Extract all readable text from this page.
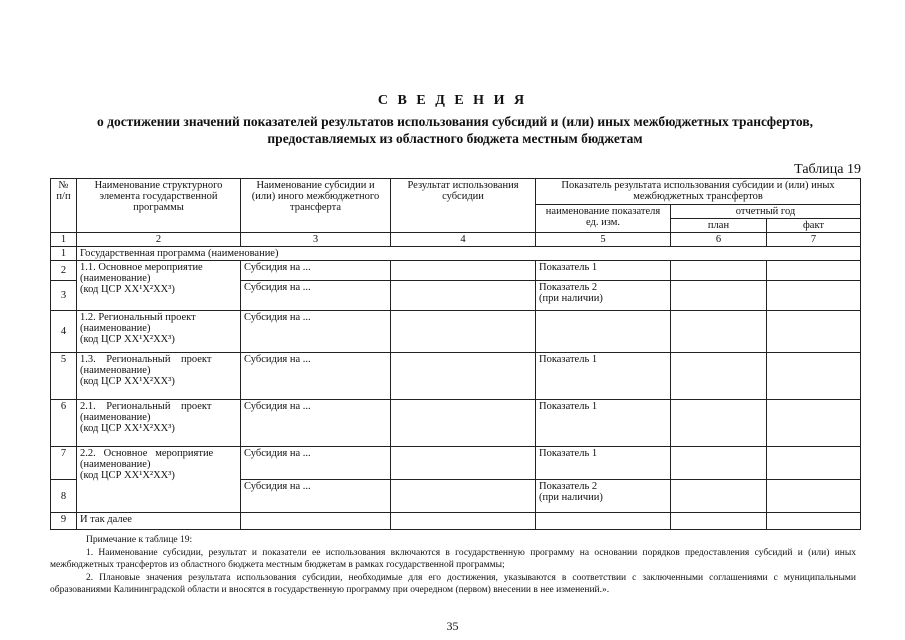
С В Е Д Е Н И Я
о достижении значений показателей результатов использования субсидий и (или) иных межбюджетных трансфертов,
предоставляемых из областного бюджета местным бюджетам
Таблица 19
№ п/п	Наименование структурного элемента государственной программы	Наименование субсидии и (или) иного межбюджетного трансферта	Результат использования субсидии	Показатель результата использования субсидии и (или) иных межбюджетных трансфертов		
				наименование показателя ед. изм.	отчетный год	
					план	факт
1	2	3	4	5	6	7
1	Государственная программа (наименование)					
2	1.1. Основное мероприятие
(наименование)
(код ЦСР ХХ¹Х²ХХ³)	Субсидия на ...		Показатель 1		
3		Субсидия на ...		Показатель 2
(при наличии)		

4	1.2. Региональный проект
(наименование)
(код ЦСР ХХ¹Х²ХХ³)	Субсидия на ...				
5	1.3.    Региональный    проект
(наименование)
(код ЦСР ХХ¹Х²ХХ³)	Субсидия на ...		Показатель 1		
6	2.1.    Региональный    проект
(наименование)
(код ЦСР ХХ¹Х²ХХ³)	Субсидия на ...		Показатель 1		
7	2.2.   Основное   мероприятие
(наименование)
(код ЦСР ХХ¹Х²ХХ³)	Субсидия на ...		Показатель 1		
8		Субсидия на ...		Показатель 2
(при наличии)		

9	И так далее					

Примечание к таблице 19:

1. Наименование субсидии, результат и показатели ее использования включаются в государственную программу на основании порядков предоставления субсидий и (или) иных межбюджетных трансфертов из областного бюджета местным бюджетам в рамках государственной программы;

2. Плановые значения результата использования субсидии, необходимые для его достижения, указываются в соответствии с заключенными соглашениями с муниципальными образованиями Калининградской области и вносятся в государственную программу при очередном (первом) внесении в нее изменений.».

35
